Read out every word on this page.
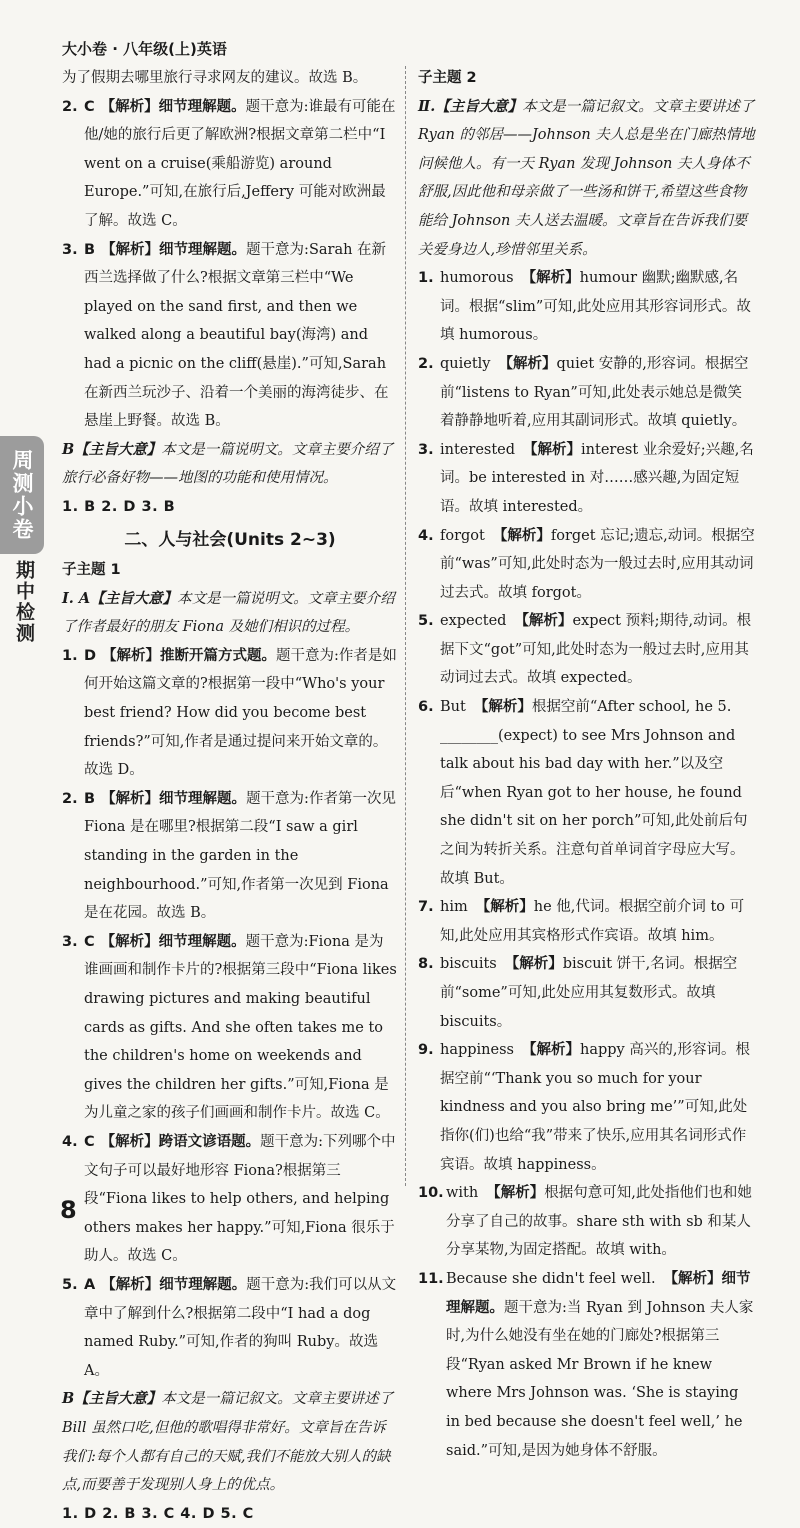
大小卷 · 八年级(上)英语
周测小卷
期中检测

为了假期去哪里旅行寻求网友的建议。故选 B。

2. C 【解析】细节理解题。题干意为:谁最有可能在他/她的旅行后更了解欧洲?根据文章第二栏中“I went on a cruise(乘船游览) around Europe.”可知,在旅行后,Jeffery 可能对欧洲最了解。故选 C。
3. B 【解析】细节理解题。题干意为:Sarah 在新西兰选择做了什么?根据文章第三栏中“We played on the sand first, and then we walked along a beautiful bay(海湾) and had a picnic on the cliff(悬崖).”可知,Sarah 在新西兰玩沙子、沿着一个美丽的海湾徒步、在悬崖上野餐。故选 B。

B【主旨大意】本文是一篇说明文。文章主要介绍了旅行必备好物——地图的功能和使用情况。

1. B 2. D 3. B

二、人与社会(Units 2~3)

子主题 1

Ⅰ. A【主旨大意】本文是一篇说明文。文章主要介绍了作者最好的朋友 Fiona 及她们相识的过程。

1. D 【解析】推断开篇方式题。题干意为:作者是如何开始这篇文章的?根据第一段中“Who's your best friend? How did you become best friends?”可知,作者是通过提问来开始文章的。故选 D。
2. B 【解析】细节理解题。题干意为:作者第一次见 Fiona 是在哪里?根据第二段“I saw a girl standing in the garden in the neighbourhood.”可知,作者第一次见到 Fiona 是在花园。故选 B。
3. C 【解析】细节理解题。题干意为:Fiona 是为谁画画和制作卡片的?根据第三段中“Fiona likes drawing pictures and making beautiful cards as gifts. And she often takes me to the children's home on weekends and gives the children her gifts.”可知,Fiona 是为儿童之家的孩子们画画和制作卡片。故选 C。
4. C 【解析】跨语文谚语题。题干意为:下列哪个中文句子可以最好地形容 Fiona?根据第三段“Fiona likes to help others, and helping others makes her happy.”可知,Fiona 很乐于助人。故选 C。
5. A 【解析】细节理解题。题干意为:我们可以从文章中了解到什么?根据第二段中“I had a dog named Ruby.”可知,作者的狗叫 Ruby。故选 A。

B【主旨大意】本文是一篇记叙文。文章主要讲述了 Bill 虽然口吃,但他的歌唱得非常好。文章旨在告诉我们:每个人都有自己的天赋,我们不能放大别人的缺点,而要善于发现别人身上的优点。

1. D 2. B 3. C 4. D 5. C

子主题 2

Ⅱ.【主旨大意】本文是一篇记叙文。文章主要讲述了 Ryan 的邻居——Johnson 夫人总是坐在门廊热情地问候他人。有一天 Ryan 发现 Johnson 夫人身体不舒服,因此他和母亲做了一些汤和饼干,希望这些食物能给 Johnson 夫人送去温暖。文章旨在告诉我们要关爱身边人,珍惜邻里关系。

1. humorous 【解析】humour 幽默;幽默感,名词。根据“slim”可知,此处应用其形容词形式。故填 humorous。
2. quietly 【解析】quiet 安静的,形容词。根据空前“listens to Ryan”可知,此处表示她总是微笑着静静地听着,应用其副词形式。故填 quietly。
3. interested 【解析】interest 业余爱好;兴趣,名词。be interested in 对……感兴趣,为固定短语。故填 interested。
4. forgot 【解析】forget 忘记;遗忘,动词。根据空前“was”可知,此处时态为一般过去时,应用其动词过去式。故填 forgot。
5. expected 【解析】expect 预料;期待,动词。根据下文“got”可知,此处时态为一般过去时,应用其动词过去式。故填 expected。
6. But 【解析】根据空前“After school, he 5. ________(expect) to see Mrs Johnson and talk about his bad day with her.”以及空后“when Ryan got to her house, he found she didn't sit on her porch”可知,此处前后句之间为转折关系。注意句首单词首字母应大写。故填 But。
7. him 【解析】he 他,代词。根据空前介词 to 可知,此处应用其宾格形式作宾语。故填 him。
8. biscuits 【解析】biscuit 饼干,名词。根据空前“some”可知,此处应用其复数形式。故填 biscuits。
9. happiness 【解析】happy 高兴的,形容词。根据空前“‘Thank you so much for your kindness and you also bring me’”可知,此处指你(们)也给“我”带来了快乐,应用其名词形式作宾语。故填 happiness。
10. with 【解析】根据句意可知,此处指他们也和她分享了自己的故事。share sth with sb 和某人分享某物,为固定搭配。故填 with。
11. Because she didn't feel well. 【解析】细节理解题。题干意为:当 Ryan 到 Johnson 夫人家时,为什么她没有坐在她的门廊处?根据第三段“Ryan asked Mr Brown if he knew where Mrs Johnson was. ‘She is staying in bed because she doesn't feel well,’ he said.”可知,是因为她身体不舒服。
8
